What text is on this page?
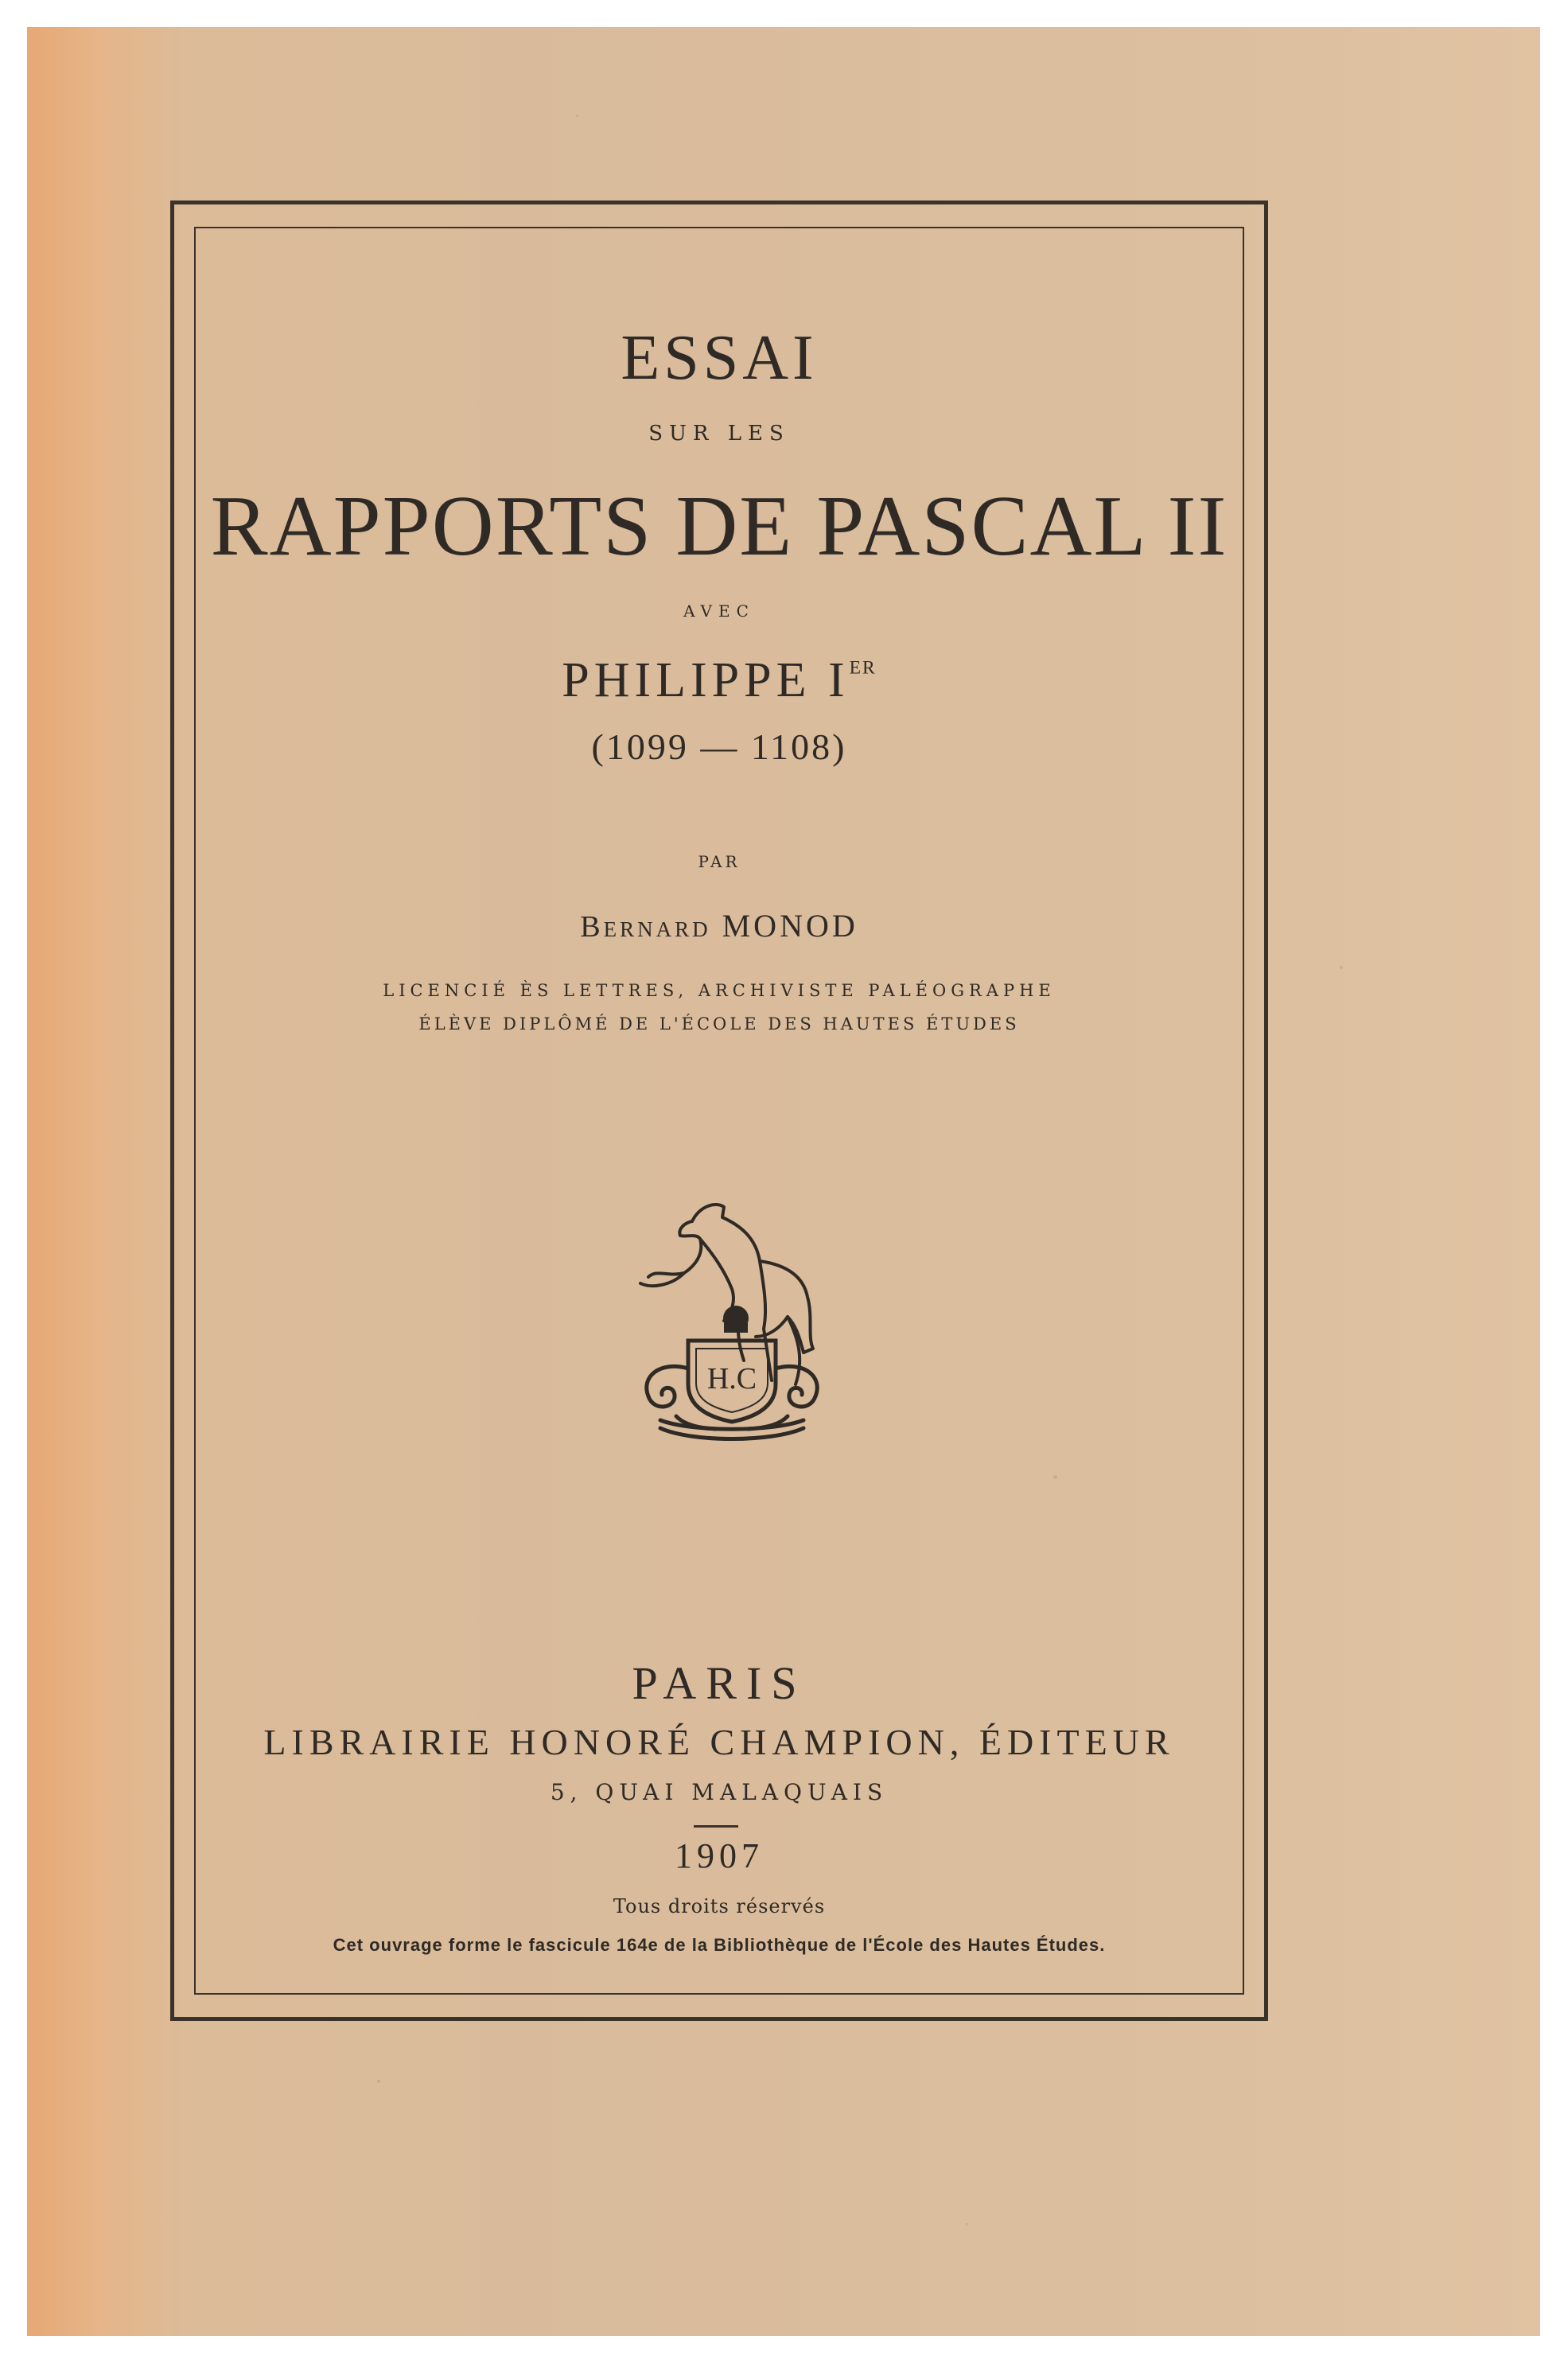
ESSAI
SUR LES
RAPPORTS DE PASCAL II
AVEC
PHILIPPE IER
(1099 — 1108)
PAR
Bernard MONOD
LICENCIÉ ÈS LETTRES, ARCHIVISTE PALÉOGRAPHE
ÉLÈVE DIPLÔMÉ DE L'ÉCOLE DES HAUTES ÉTUDES
H.C
PARIS
LIBRAIRIE HONORÉ CHAMPION, ÉDITEUR
5, QUAI MALAQUAIS
1907
Tous droits réservés
Cet ouvrage forme le fascicule 164e de la Bibliothèque de l'École des Hautes Études.
